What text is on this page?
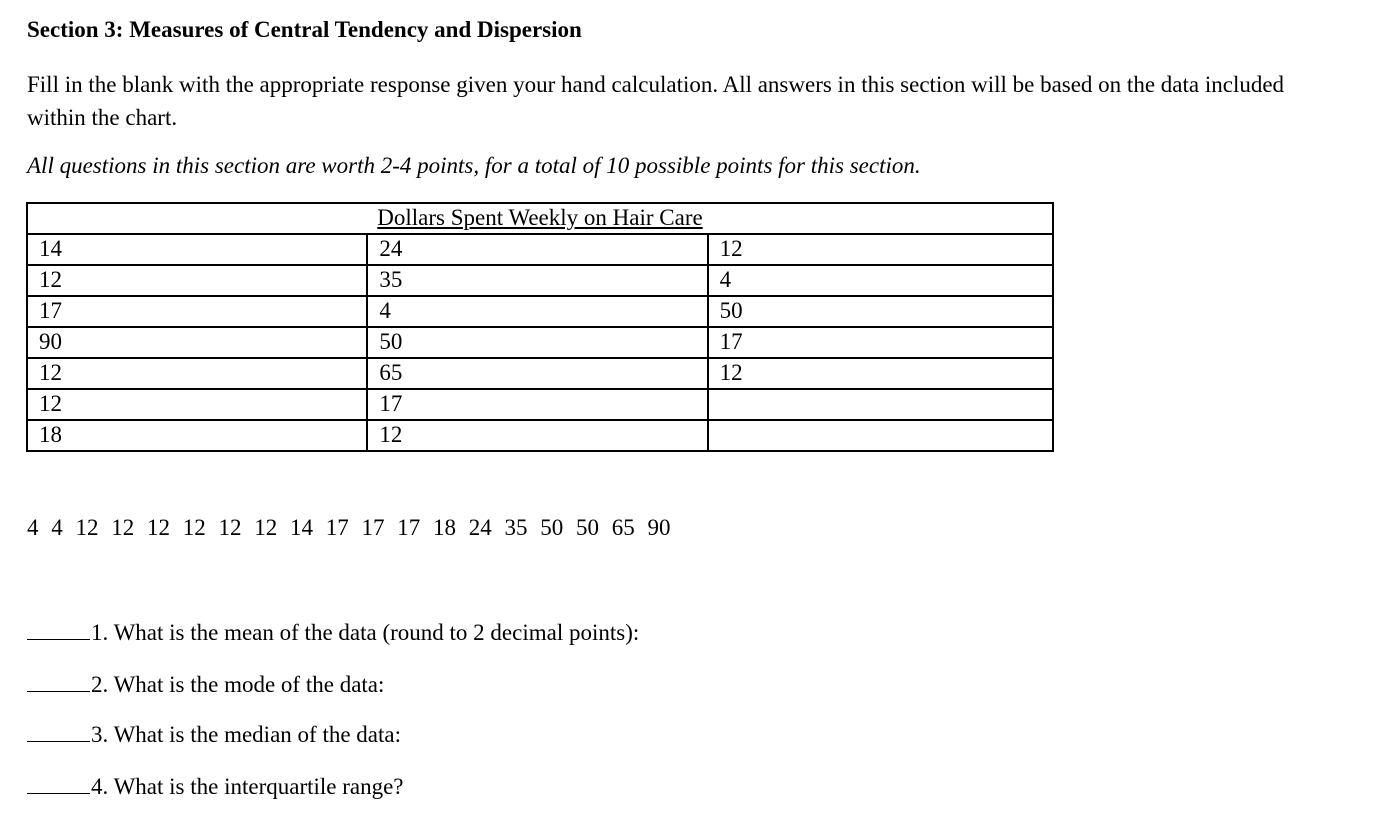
Section 3: Measures of Central Tendency and Dispersion

Fill in the blank with the appropriate response given your hand calculation. All answers in this section will be based on the data included within the chart.

All questions in this section are worth 2-4 points, for a total of 10 possible points for this section.

Dollars Spent Weekly on Hair Care		
14	24	12
12	35	4
17	4	50
90	50	17
12	65	12
12	17	
18	12	

4 4 12 12 12 12 12 12 14 17 17 17 18 24 35 50 50 65 90

1. What is the mean of the data (round to 2 decimal points):

2. What is the mode of the data:

3. What is the median of the data:

4. What is the interquartile range?
